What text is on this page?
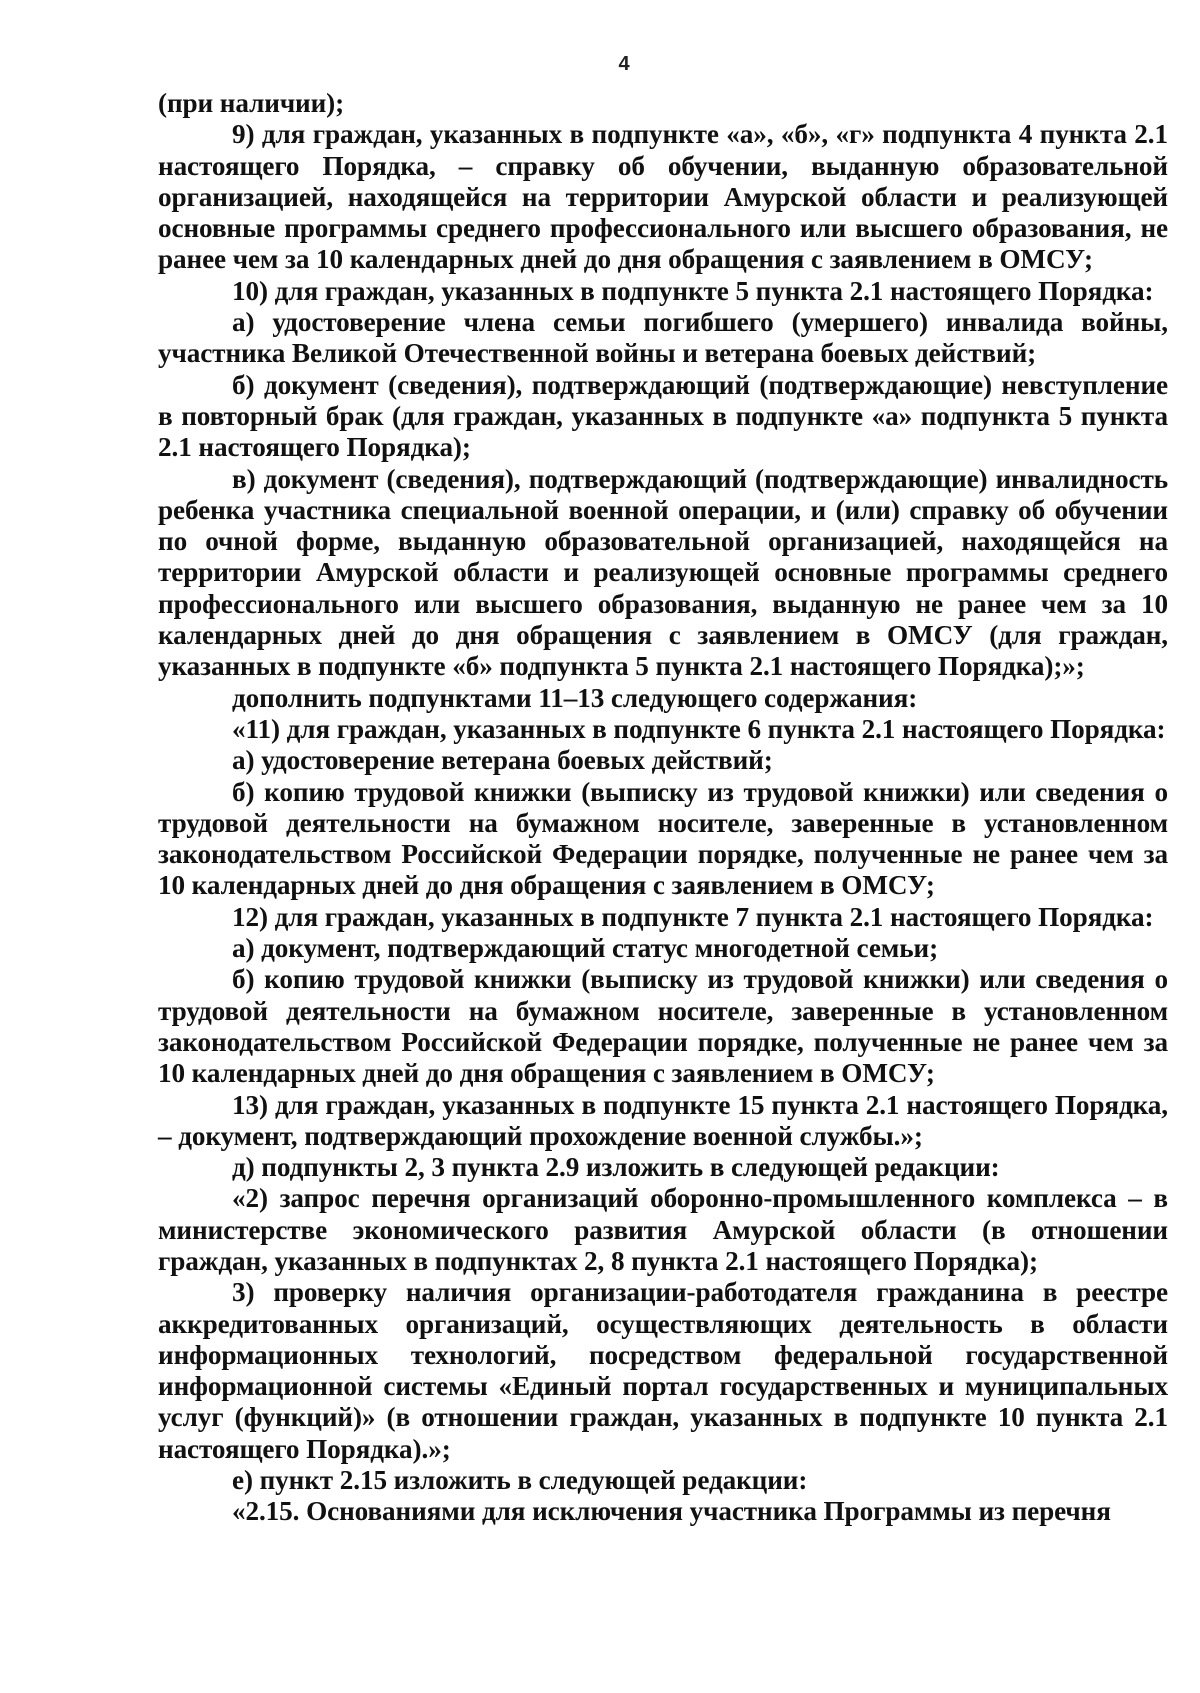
4

(при наличии);

9) для граждан, указанных в подпункте «а», «б», «г» подпункта 4 пункта 2.1 настоящего Порядка, – справку об обучении, выданную образовательной организацией, находящейся на территории Амурской области и реализующей основные программы среднего профессионального или высшего образования, не ранее чем за 10 календарных дней до дня обращения с заявлением в ОМСУ;

10) для граждан, указанных в подпункте 5 пункта 2.1 настоящего Порядка:

а) удостоверение члена семьи погибшего (умершего) инвалида войны, участника Великой Отечественной войны и ветерана боевых действий;

б) документ (сведения), подтверждающий (подтверждающие) невступление в повторный брак (для граждан, указанных в подпункте «а» подпункта 5 пункта 2.1 настоящего Порядка);

в) документ (сведения), подтверждающий (подтверждающие) инвалидность ребенка участника специальной военной операции, и (или) справку об обучении по очной форме, выданную образовательной организацией, находящейся на территории Амурской области и реализующей основные программы среднего профессионального или высшего образования, выданную не ранее чем за 10 календарных дней до дня обращения с заявлением в ОМСУ (для граждан, указанных в подпункте «б» подпункта 5 пункта 2.1 настоящего Порядка);»;

дополнить подпунктами 11–13 следующего содержания:

«11) для граждан, указанных в подпункте 6 пункта 2.1 настоящего Порядка:

а) удостоверение ветерана боевых действий;

б) копию трудовой книжки (выписку из трудовой книжки) или сведения о трудовой деятельности на бумажном носителе, заверенные в установленном законодательством Российской Федерации порядке, полученные не ранее чем за 10 календарных дней до дня обращения с заявлением в ОМСУ;

12) для граждан, указанных в подпункте 7 пункта 2.1 настоящего Порядка:

а) документ, подтверждающий статус многодетной семьи;

б) копию трудовой книжки (выписку из трудовой книжки) или сведения о трудовой деятельности на бумажном носителе, заверенные в установленном законодательством Российской Федерации порядке, полученные не ранее чем за 10 календарных дней до дня обращения с заявлением в ОМСУ;

13) для граждан, указанных в подпункте 15 пункта 2.1 настоящего Порядка, – документ, подтверждающий прохождение военной службы.»;

д) подпункты 2, 3 пункта 2.9 изложить в следующей редакции:

«2) запрос перечня организаций оборонно-промышленного комплекса – в министерстве экономического развития Амурской области (в отношении граждан, указанных в подпунктах 2, 8 пункта 2.1 настоящего Порядка);

3) проверку наличия организации-работодателя гражданина в реестре аккредитованных организаций, осуществляющих деятельность в области информационных технологий, посредством федеральной государственной информационной системы «Единый портал государственных и муниципальных услуг (функций)» (в отношении граждан, указанных в подпункте 10 пункта 2.1 настоящего Порядка).»;

е) пункт 2.15 изложить в следующей редакции:

«2.15. Основаниями для исключения участника Программы из перечня
